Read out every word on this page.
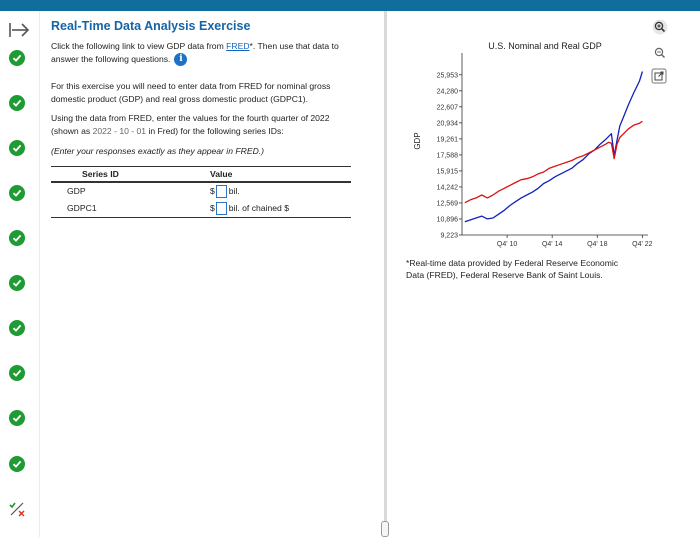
Real-Time Data Analysis Exercise
Click the following link to view GDP data from FRED*. Then use that data to
answer the following questions. i
For this exercise you will need to enter data from FRED for nominal gross
domestic product (GDP) and real gross domestic product (GDPC1).
Using the data from FRED, enter the values for the fourth quarter of 2022
(shown as 2022 - 10 - 01 in Fred) for the following series IDs:
(Enter your responses exactly as they appear in FRED.)
Series ID	Value
GDP	$ bil.
GDPC1	$ bil. of chained $
U.S. Nominal and Real GDP
GDP
9,223
10,896
12,569
14,242
15,915
17,588
19,261
20,934
22,607
24,280
25,953
Q4' 10	Q4' 14	Q4' 18	Q4' 22
*Real-time data provided by Federal Reserve Economic
Data (FRED), Federal Reserve Bank of Saint Louis.
